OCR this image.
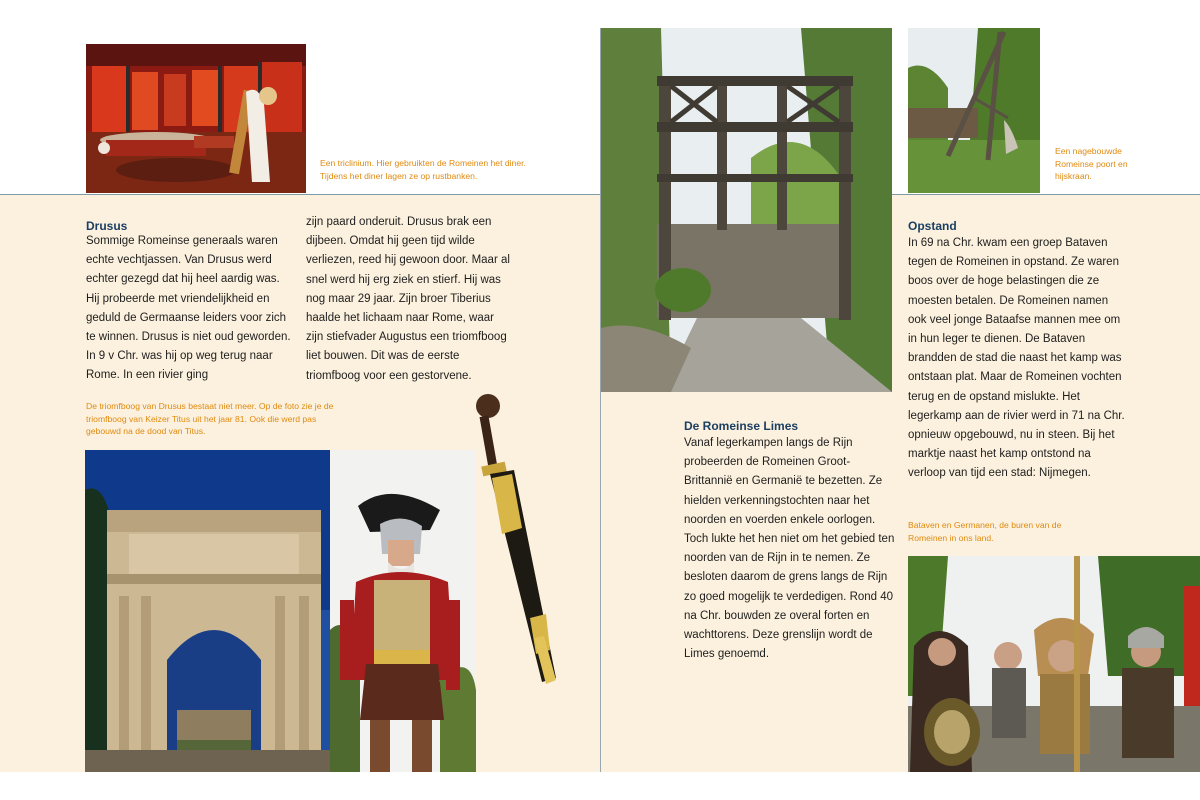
Een triclinium. Hier gebruikten de Romeinen het diner. Tijdens het diner lagen ze op rustbanken.
Drusus
Sommige Romeinse generaals waren echte vechtjassen. Van Drusus werd echter gezegd dat hij heel aardig was. Hij probeerde met vriendelijkheid en geduld de Germaanse leiders voor zich te winnen. Drusus is niet oud geworden. In 9 v Chr. was hij op weg terug naar Rome. In een rivier ging
zijn paard onderuit. Drusus brak een dijbeen. Omdat hij geen tijd wilde verliezen, reed hij gewoon door. Maar al snel werd hij erg ziek en stierf. Hij was nog maar 29 jaar. Zijn broer Tiberius haalde het lichaam naar Rome, waar zijn stiefvader Augustus een triomfboog liet bouwen. Dit was de eerste triomfboog voor een gestorvene.
De triomfboog van Drusus bestaat niet meer. Op de foto zie je de triomfboog van Keizer Titus uit het jaar 81. Ook die werd pas gebouwd na de dood van Titus.
Een nagebouwde Romeinse poort en hijskraan.
Opstand
In 69 na Chr. kwam een groep Bataven tegen de Romeinen in opstand. Ze waren boos over de hoge belastingen die ze moesten betalen. De Romeinen namen ook veel jonge Bataafse mannen mee om in hun leger te dienen. De Bataven brandden de stad die naast het kamp was ontstaan plat. Maar de Romeinen vochten terug en de opstand mislukte. Het legerkamp aan de rivier werd in 71 na Chr. opnieuw opgebouwd, nu in steen. Bij het marktje naast het kamp ontstond na verloop van tijd een stad: Nijmegen.
De Romeinse Limes
Vanaf legerkampen langs de Rijn probeerden de Romeinen Groot-Brittannië en Germanië te bezetten. Ze hielden verkenningstochten naar het noorden en voerden enkele oorlogen. Toch lukte het hen niet om het gebied ten noorden van de Rijn in te nemen. Ze besloten daarom de grens langs de Rijn zo goed mogelijk te verdedigen. Rond 40 na Chr. bouwden ze overal forten en wachttorens. Deze grenslijn wordt de Limes genoemd.
Bataven en Germanen, de buren van de Romeinen in ons land.
